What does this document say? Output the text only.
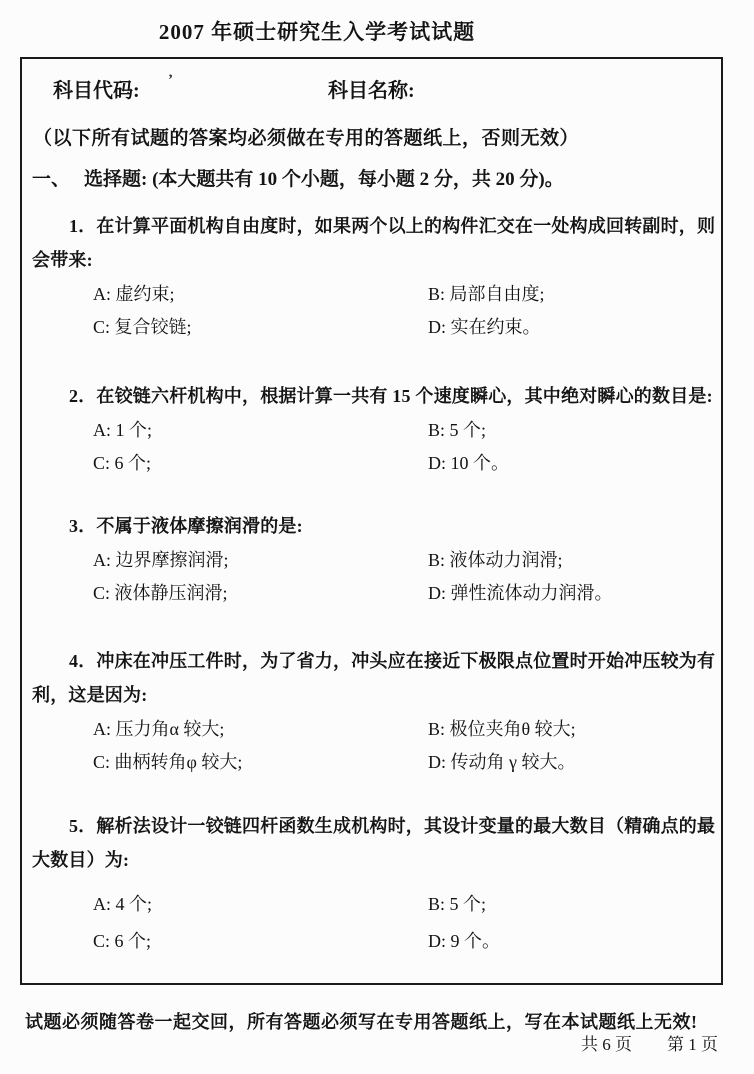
2007 年硕士研究生入学考试试题
科目代码: ’	科目名称:
（以下所有试题的答案均必须做在专用的答题纸上，否则无效）
一、 选择题: (本大题共有 10 个小题，每小题 2 分，共 20 分)。

1．在计算平面机构自由度时，如果两个以上的构件汇交在一处构成回转副时，则会带来:

A: 虚约束;	B: 局部自由度;
C: 复合铰链;	D: 实在约束。

2．在铰链六杆机构中，根据计算一共有 15 个速度瞬心，其中绝对瞬心的数目是:

A: 1 个;	B: 5 个;
C: 6 个;	D: 10 个。

3．不属于液体摩擦润滑的是:

A: 边界摩擦润滑;	B: 液体动力润滑;
C: 液体静压润滑;	D: 弹性流体动力润滑。

4．冲床在冲压工件时，为了省力，冲头应在接近下极限点位置时开始冲压较为有利，这是因为:

A: 压力角α 较大;	B: 极位夹角θ 较大;
C: 曲柄转角φ 较大;	D: 传动角 γ 较大。

5．解析法设计一铰链四杆函数生成机构时，其设计变量的最大数目（精确点的最大数目）为:

A: 4 个;	B: 5 个;
C: 6 个;	D: 9 个。
试题必须随答卷一起交回，所有答题必须写在专用答题纸上，写在本试题纸上无效!
共 6 页 第 1 页
